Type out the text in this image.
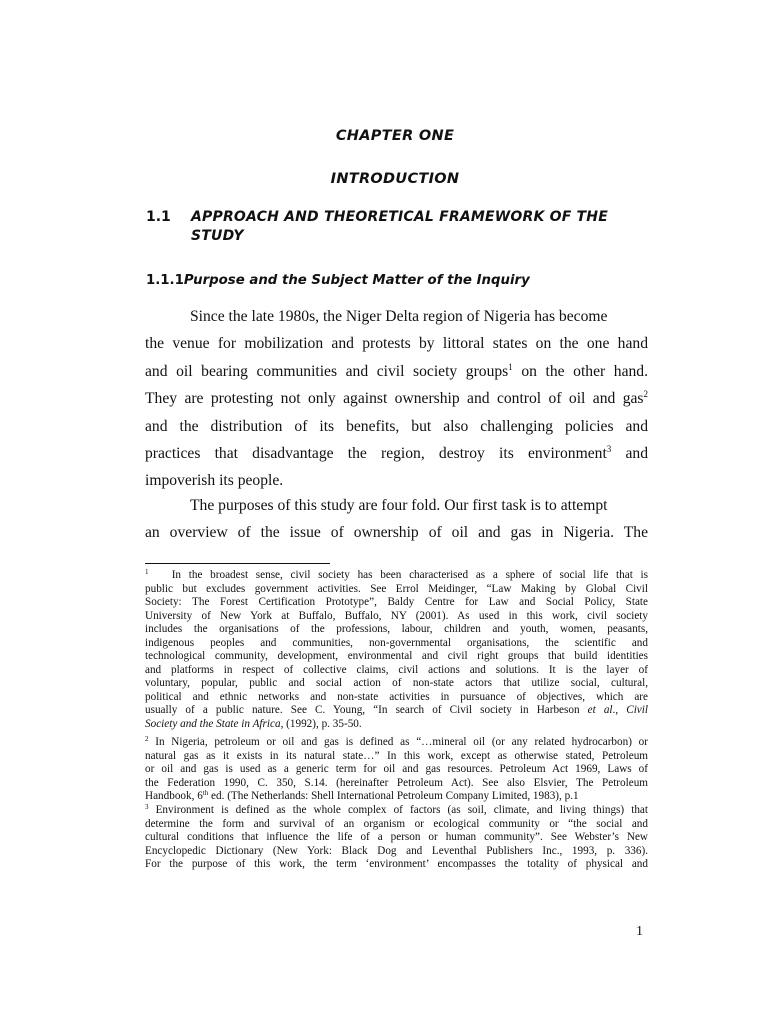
CHAPTER ONE
INTRODUCTION
1.1 APPROACH AND THEORETICAL FRAMEWORK OF THE
STUDY
1.1.1Purpose and the Subject Matter of the Inquiry
Since the late 1980s, the Niger Delta region of Nigeria has become
the venue for mobilization and protests by littoral states on the one hand
and oil bearing communities and civil society groups$^1$ on the other hand.
They are protesting not only against ownership and control of oil and gas$^2$
and the distribution of its benefits, but also challenging policies and
practices that disadvantage the region, destroy its environment$^3$ and
impoverish its people.
The purposes of this study are four fold. Our first task is to attempt
an overview of the issue of ownership of oil and gas in Nigeria. The
$^1$ In the broadest sense, civil society has been characterised as a sphere of social life that is
public but excludes government activities. See Errol Meidinger, “Law Making by Global Civil
Society: The Forest Certification Prototype”, Baldy Centre for Law and Social Policy, State
University of New York at Buffalo, Buffalo, NY (2001). As used in this work, civil society
includes the organisations of the professions, labour, children and youth, women, peasants,
indigenous peoples and communities, non-governmental organisations, the scientific and
technological community, development, environmental and civil right groups that build identities
and platforms in respect of collective claims, civil actions and solutions. It is the layer of
voluntary, popular, public and social action of non-state actors that utilize social, cultural,
political and ethnic networks and non-state activities in pursuance of objectives, which are
usually of a public nature. See C. Young, “In search of Civil society in Harbeson et al., Civil
Society and the State in Africa, (1992), p. 35-50.
$^2$ In Nigeria, petroleum or oil and gas is defined as “…mineral oil (or any related hydrocarbon) or
natural gas as it exists in its natural state…” In this work, except as otherwise stated, Petroleum
or oil and gas is used as a generic term for oil and gas resources. Petroleum Act 1969, Laws of
the Federation 1990, C. 350, S.14. (hereinafter Petroleum Act). See also Elsvier, The Petroleum
Handbook, 6th ed. (The Netherlands: Shell International Petroleum Company Limited, 1983), p.1
$^3$ Environment is defined as the whole complex of factors (as soil, climate, and living things) that
determine the form and survival of an organism or ecological community or “the social and
cultural conditions that influence the life of a person or human community”. See Webster’s New
Encyclopedic Dictionary (New York: Black Dog and Leventhal Publishers Inc., 1993, p. 336).
For the purpose of this work, the term ‘environment’ encompasses the totality of physical and
1
